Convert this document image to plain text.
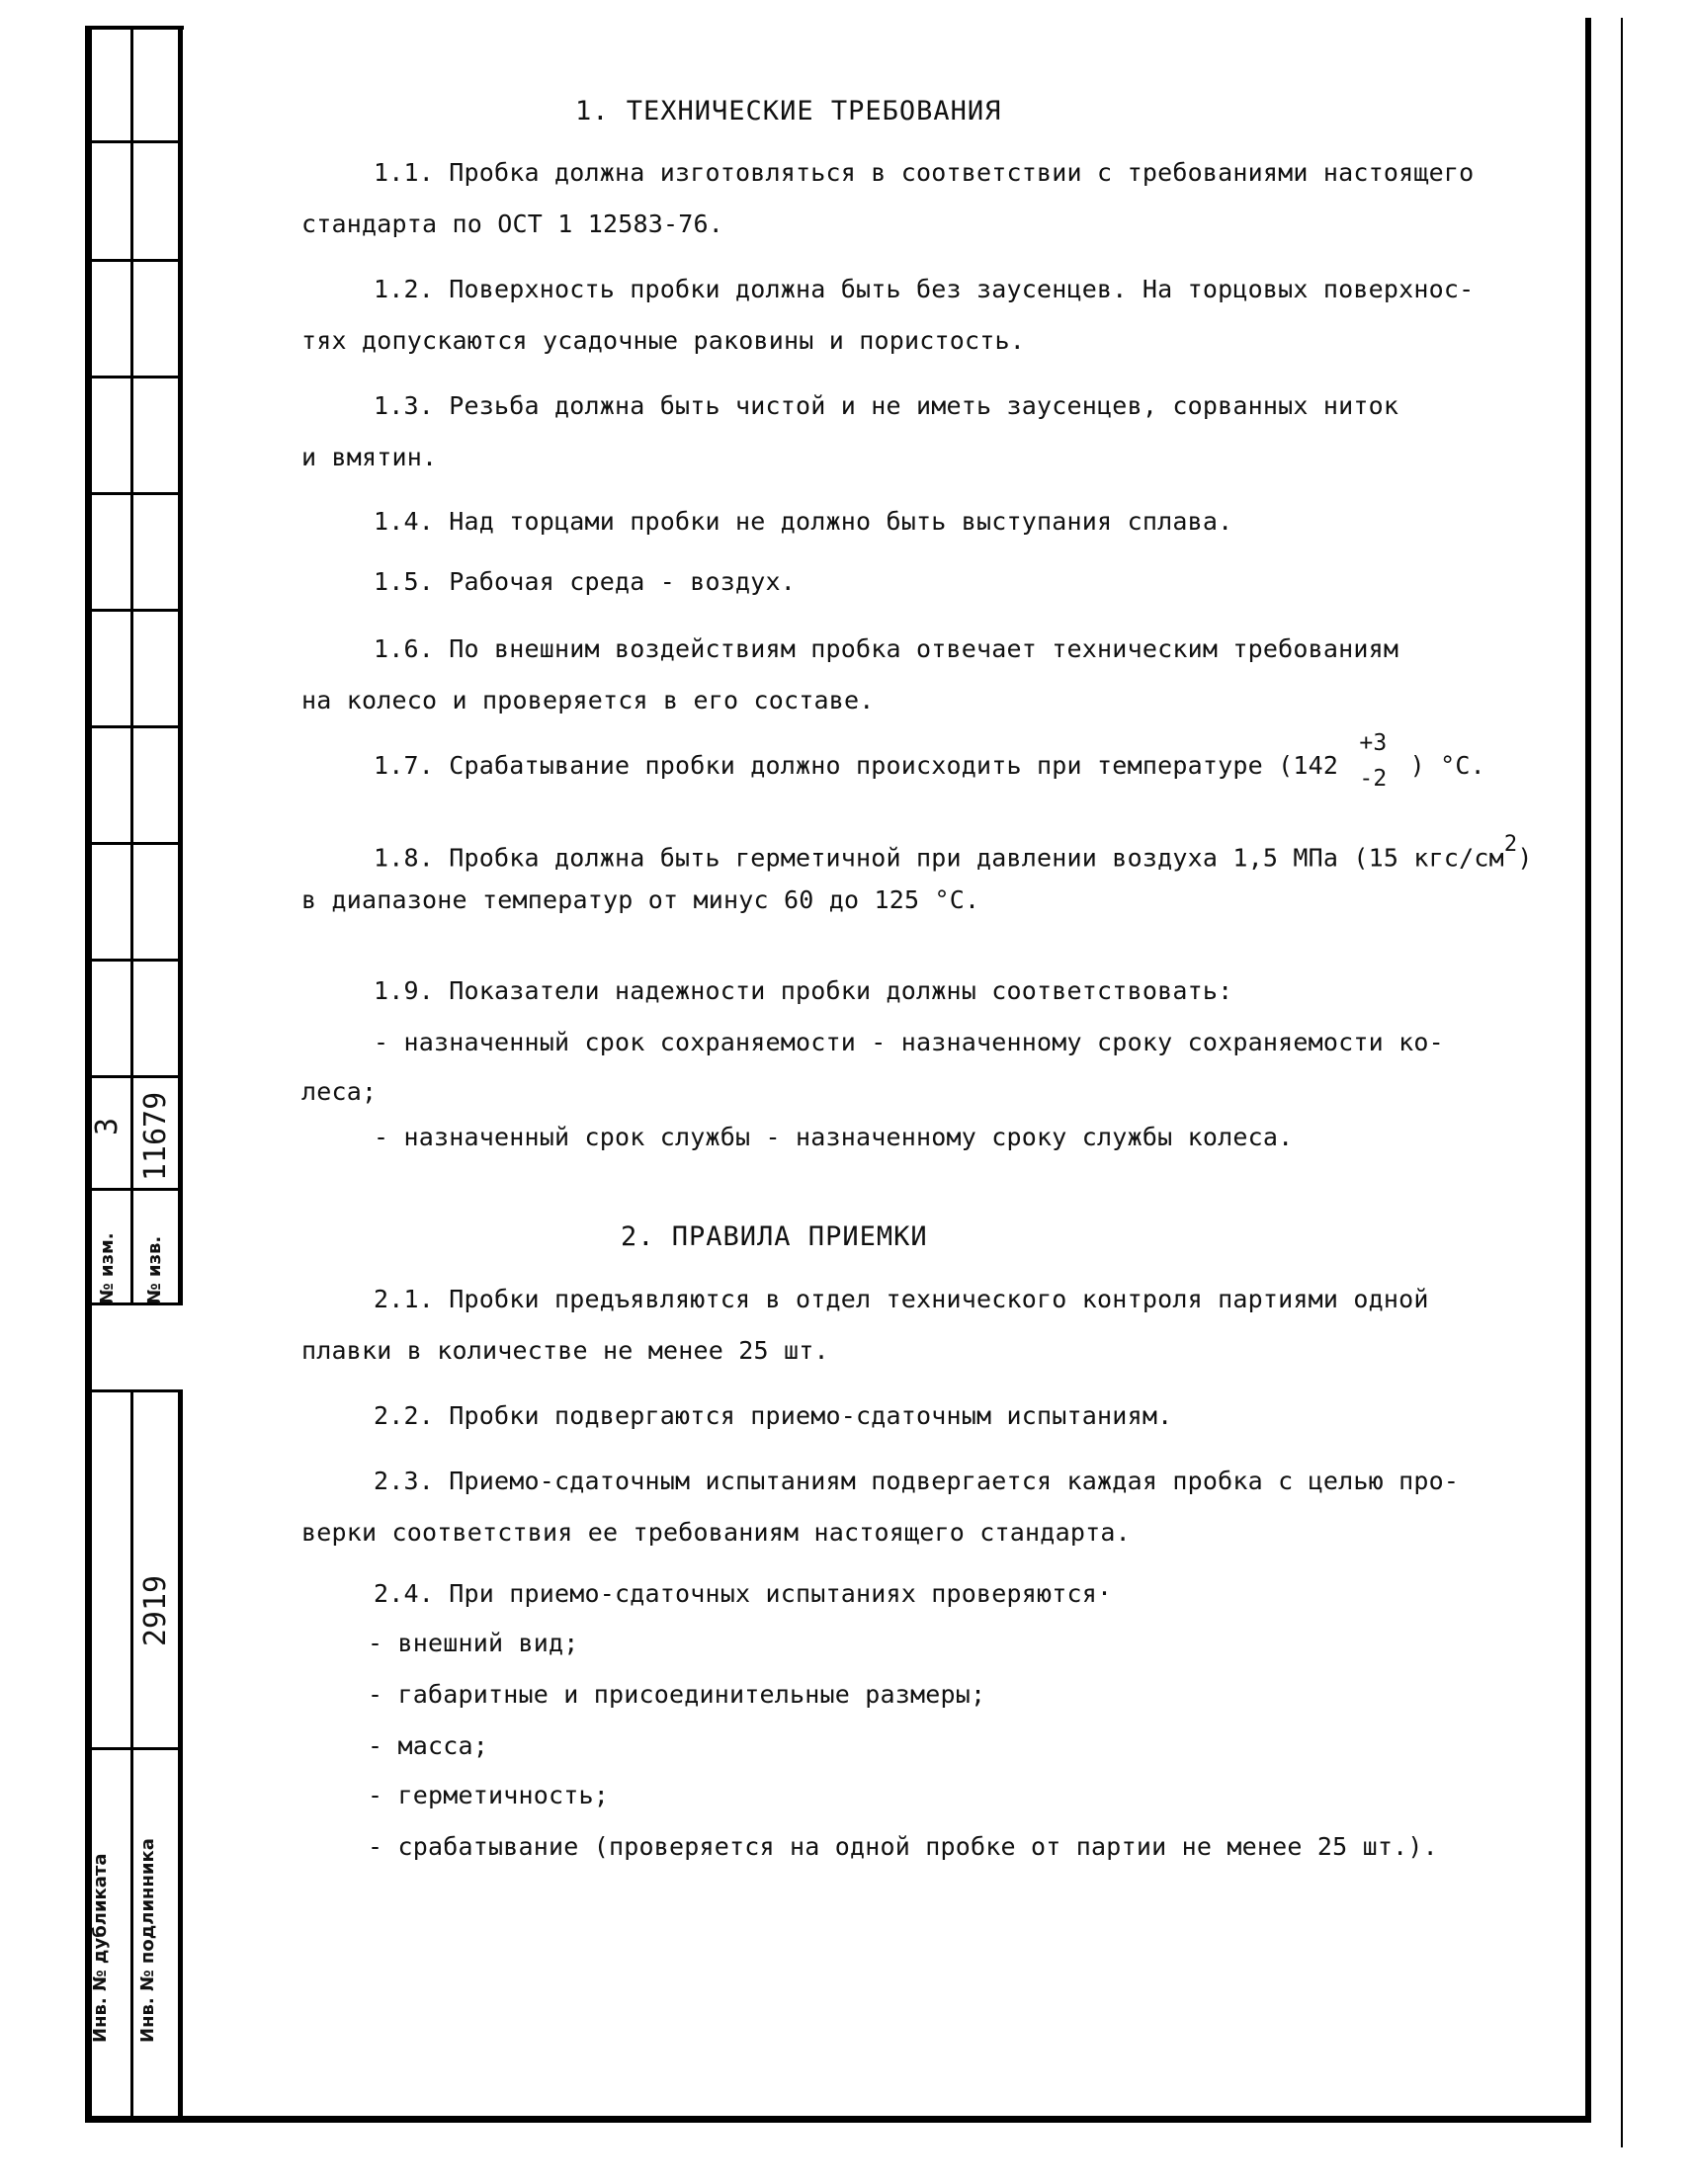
3 11679
№ изм. № изв.
2919
Инв. № дубликата Инв. № подлинника
1. ТЕХНИЧЕСКИЕ ТРЕБОВАНИЯ
1.1. Пробка должна изготовляться в соответствии с требованиями настоящего
стандарта по ОСТ 1 12583-76.
1.2. Поверхность пробки должна быть без заусенцев. На торцовых поверхнос-
тях допускаются усадочные раковины и пористость.
1.3. Резьба должна быть чистой и не иметь заусенцев, сорванных ниток
и вмятин.
1.4. Над торцами пробки не должно быть выступания сплава.
1.5. Рабочая среда - воздух.
1.6. По внешним воздействиям пробка отвечает техническим требованиям
на колесо и проверяется в его составе.
1.7. Срабатывание пробки должно происходить при температуре (142
+3
-2 ) °С.
1.8. Пробка должна быть герметичной при давлении воздуха 1,5 МПа (15 кгс/$см^2$)
в диапазоне температур от минус 60 до 125 °С.
1.9. Показатели надежности пробки должны соответствовать:
- назначенный срок сохраняемости - назначенному сроку сохраняемости ко-
леса;
- назначенный срок службы - назначенному сроку службы колеса.
2. ПРАВИЛА ПРИЕМКИ
2.1. Пробки предъявляются в отдел технического контроля партиями одной
плавки в количестве не менее 25 шт.
2.2. Пробки подвергаются приемо-сдаточным испытаниям.
2.3. Приемо-сдаточным испытаниям подвергается каждая пробка с целью про-
верки соответствия ее требованиям настоящего стандарта.
2.4. При приемо-сдаточных испытаниях проверяются·
- внешний вид;
- габаритные и присоединительные размеры;
- масса;
- герметичность;
- срабатывание (проверяется на одной пробке от партии не менее 25 шт.).
